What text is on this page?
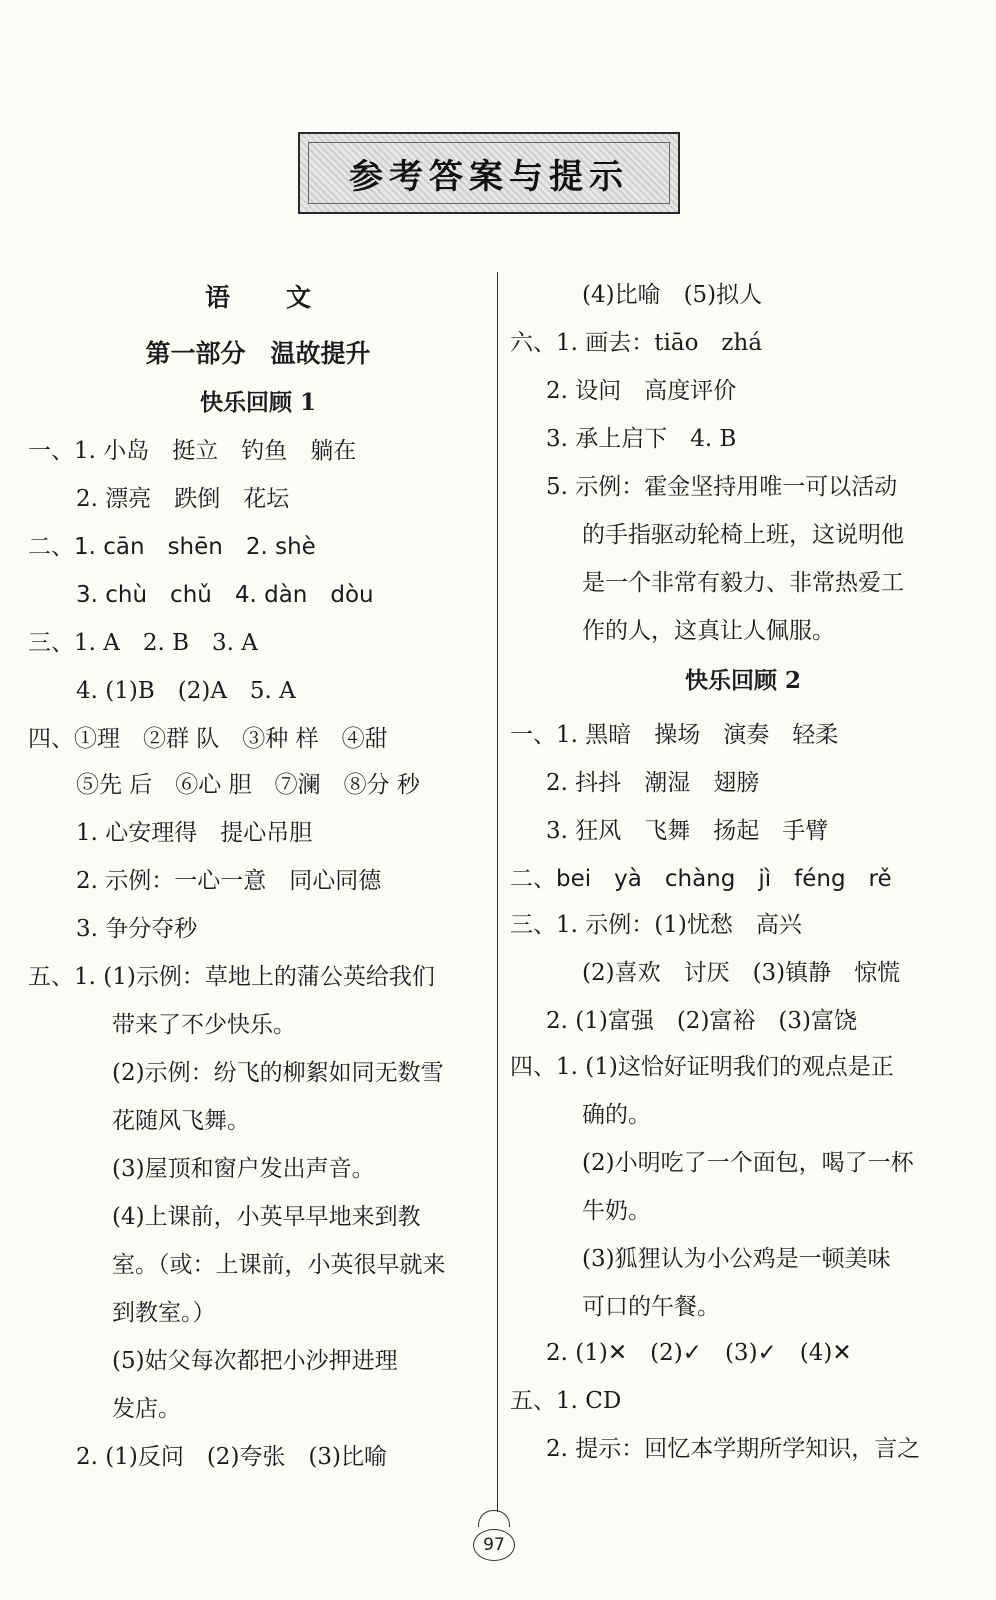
参考答案与提示
语文
第一部分　温故提升
快乐回顾 1
一、1. 小岛　挺立　钓鱼　躺在
2. 漂亮　跌倒　花坛
二、1. cān　shēn　2. shè
3. chù　chǔ　4. dàn　dòu
三、1. A　2. B　3. A
4. (1)B　(2)A　5. A
四、①理　②群 队　③种 样　④甜
⑤先 后　⑥心 胆　⑦澜　⑧分 秒
1. 心安理得　提心吊胆
2. 示例：一心一意　同心同德
3. 争分夺秒
五、1. (1)示例：草地上的蒲公英给我们
带来了不少快乐。
(2)示例：纷飞的柳絮如同无数雪
花随风飞舞。
(3)屋顶和窗户发出声音。
(4)上课前，小英早早地来到教
室。（或：上课前，小英很早就来
到教室。）
(5)姑父每次都把小沙押进理
发店。
2. (1)反问　(2)夸张　(3)比喻
(4)比喻　(5)拟人
六、1. 画去：tiāo　zhá
2. 设问　高度评价
3. 承上启下　4. B
5. 示例：霍金坚持用唯一可以活动
的手指驱动轮椅上班，这说明他
是一个非常有毅力、非常热爱工
作的人，这真让人佩服。
快乐回顾 2
一、1. 黑暗　操场　演奏　轻柔
2. 抖抖　潮湿　翅膀
3. 狂风　飞舞　扬起　手臂
二、bei　yà　chàng　jì　féng　rě
三、1. 示例：(1)忧愁　高兴
(2)喜欢　讨厌　(3)镇静　惊慌
2. (1)富强　(2)富裕　(3)富饶
四、1. (1)这恰好证明我们的观点是正
确的。
(2)小明吃了一个面包，喝了一杯
牛奶。
(3)狐狸认为小公鸡是一顿美味
可口的午餐。
2. (1)✕　(2)✓　(3)✓　(4)✕
五、1. CD
2. 提示：回忆本学期所学知识，言之
97
